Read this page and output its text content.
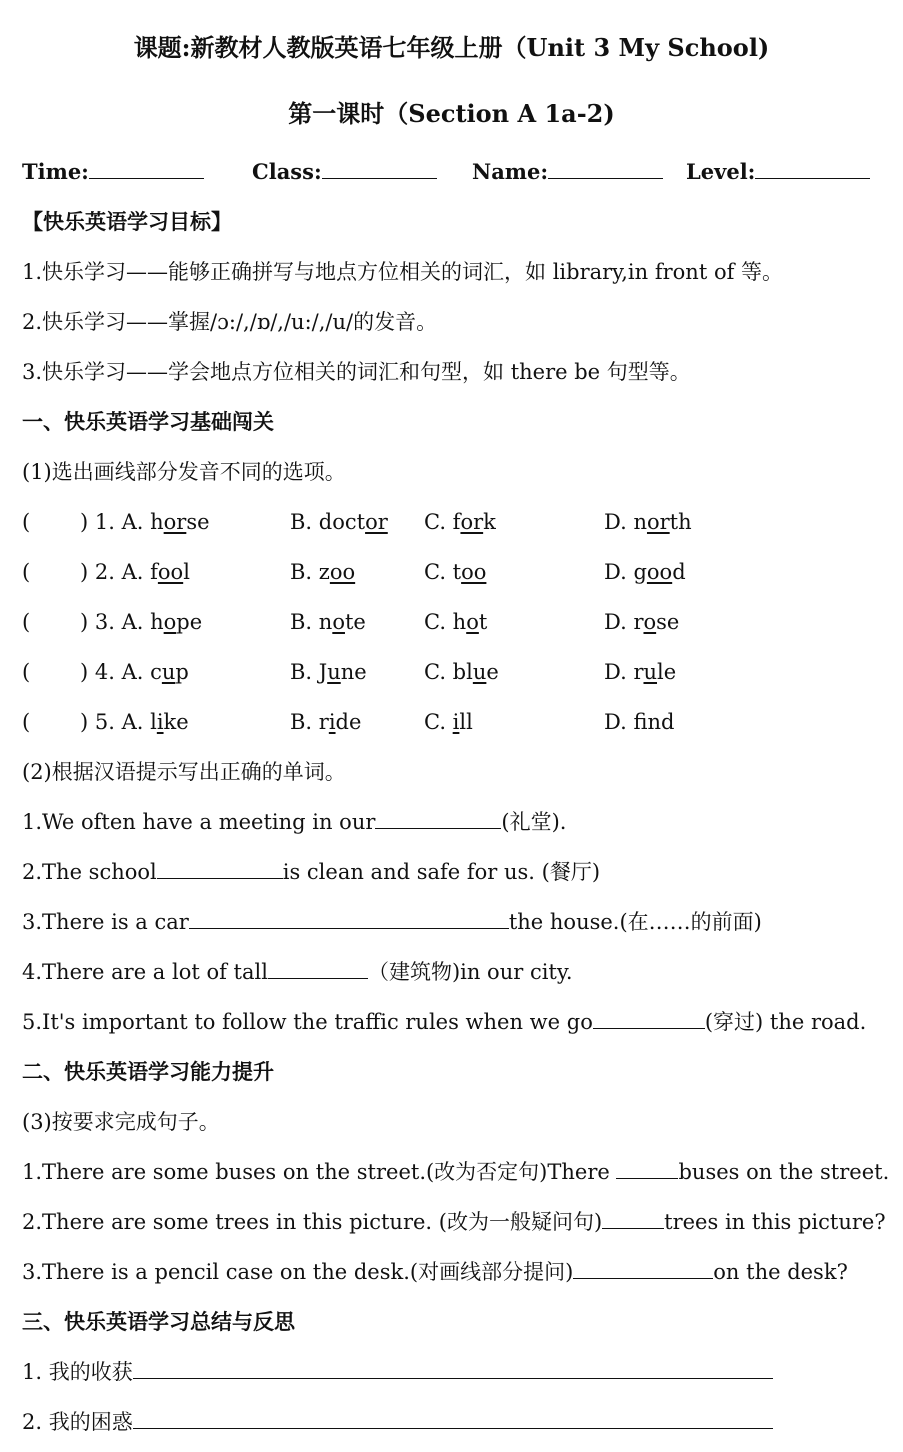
课题:新教材人教版英语七年级上册（Unit 3 My School)
第一课时（Section A 1a-2)
Time:	Class:	Name:	Level:
【快乐英语学习目标】
1.快乐学习——能够正确拼写与地点方位相关的词汇，如 library,in front of 等。
2.快乐学习——掌握/ɔ:/,/ɒ/,/u:/,/u/的发音。
3.快乐学习——学会地点方位相关的词汇和句型，如 there be 句型等。
一、快乐英语学习基础闯关
(1)选出画线部分发音不同的选项。
( ) 1. A. horse	B. doctor C. fork	D. north
( ) 2. A. fool	B. zoo	C. too	D. good
( ) 3. A. hope	B. note	C. hot	D. rose
( ) 4. A. cup	B. June	C. blue	D. rule
( ) 5. A. like	B. ride	C. ill	D. fnd
(2)根据汉语提示写出正确的单词。
1.We often have a meeting in our	(礼堂).
2.The school	is clean and safe for us. (餐厅)
3.There is a car	the house.(在……的前面)
4.There are a lot of tall	（建筑物)in our city.
5.It's important to follow the traffic rules when we go	(穿过) the road.
二、快乐英语学习能力提升
(3)按要求完成句子。
1.There are some buses on the street.(改为否定句)There	buses on the street.
2.There are some trees in this picture. (改为一般疑问句)	trees in this picture?
3.There is a pencil case on the desk.(对画线部分提问)	on the desk?
三、快乐英语学习总结与反思
1. 我的收获
2. 我的困惑
